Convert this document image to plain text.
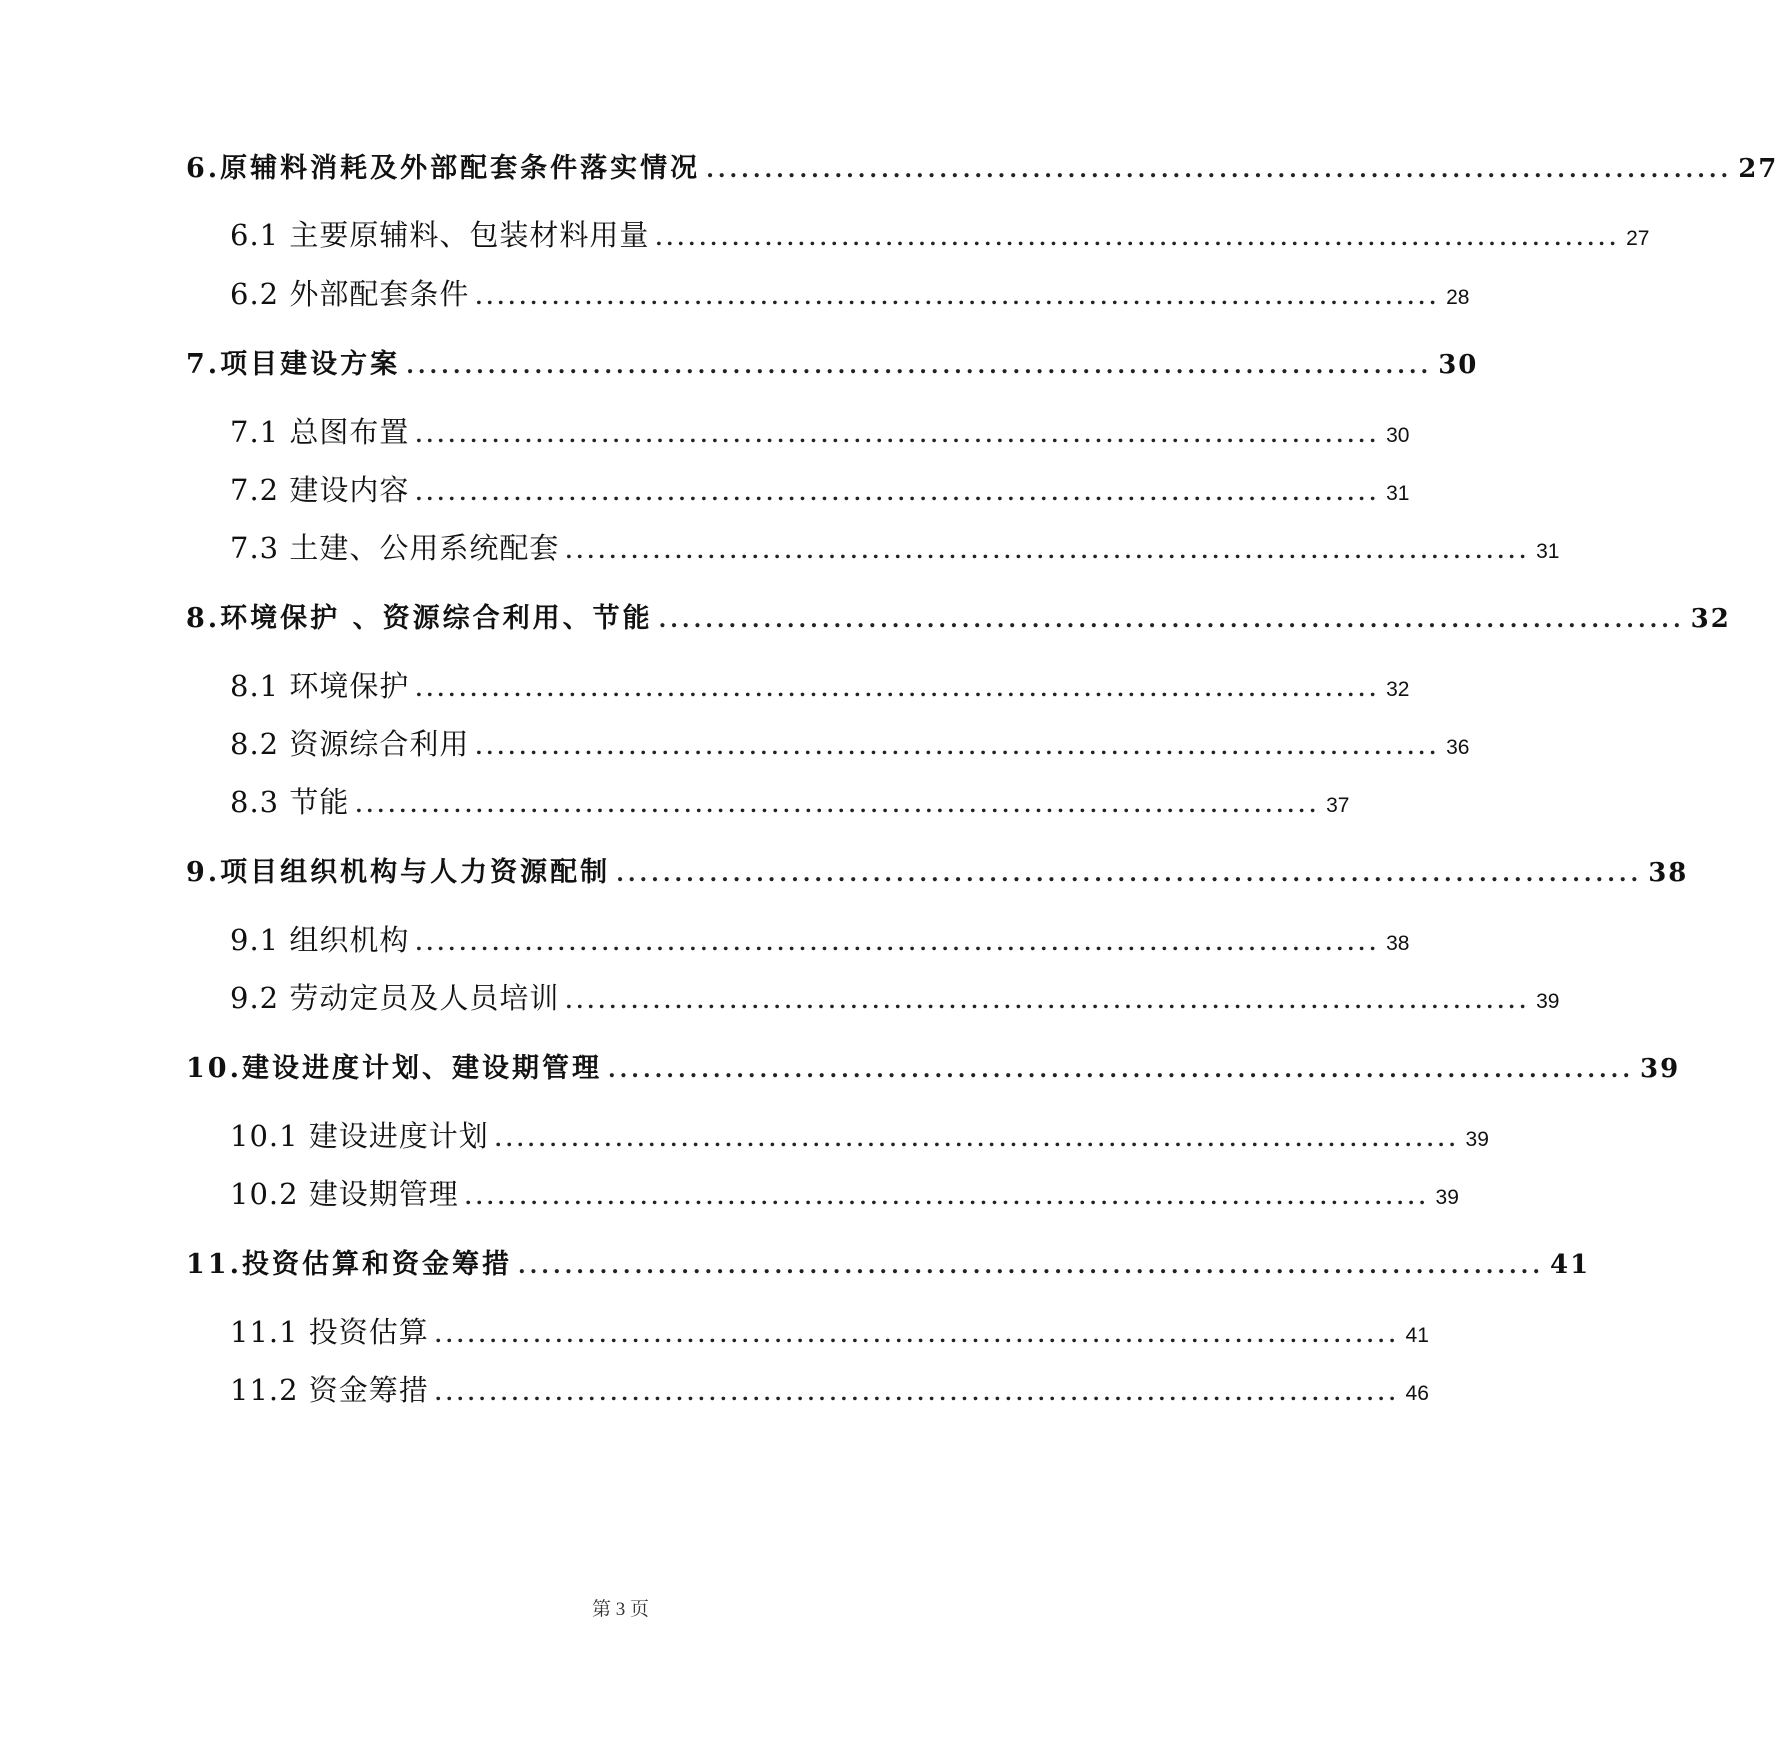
6.原辅料消耗及外部配套条件落实情况 ........................................................................................ 27
6.1 主要原辅料、包装材料用量 ........................................................................................ 27
6.2 外部配套条件 ........................................................................................ 28
7.项目建设方案 ........................................................................................ 30
7.1 总图布置 ........................................................................................ 30
7.2 建设内容 ........................................................................................ 31
7.3 土建、公用系统配套 ........................................................................................ 31
8.环境保护 、资源综合利用、节能 ........................................................................................ 32
8.1 环境保护 ........................................................................................ 32
8.2 资源综合利用 ........................................................................................ 36
8.3 节能 ........................................................................................ 37
9.项目组织机构与人力资源配制 ........................................................................................ 38
9.1 组织机构 ........................................................................................ 38
9.2 劳动定员及人员培训 ........................................................................................ 39
10.建设进度计划、建设期管理 ........................................................................................ 39
10.1 建设进度计划 ........................................................................................ 39
10.2 建设期管理 ........................................................................................ 39
11.投资估算和资金筹措 ........................................................................................ 41
11.1 投资估算 ........................................................................................ 41
11.2 资金筹措 ........................................................................................ 46
第 3 页
